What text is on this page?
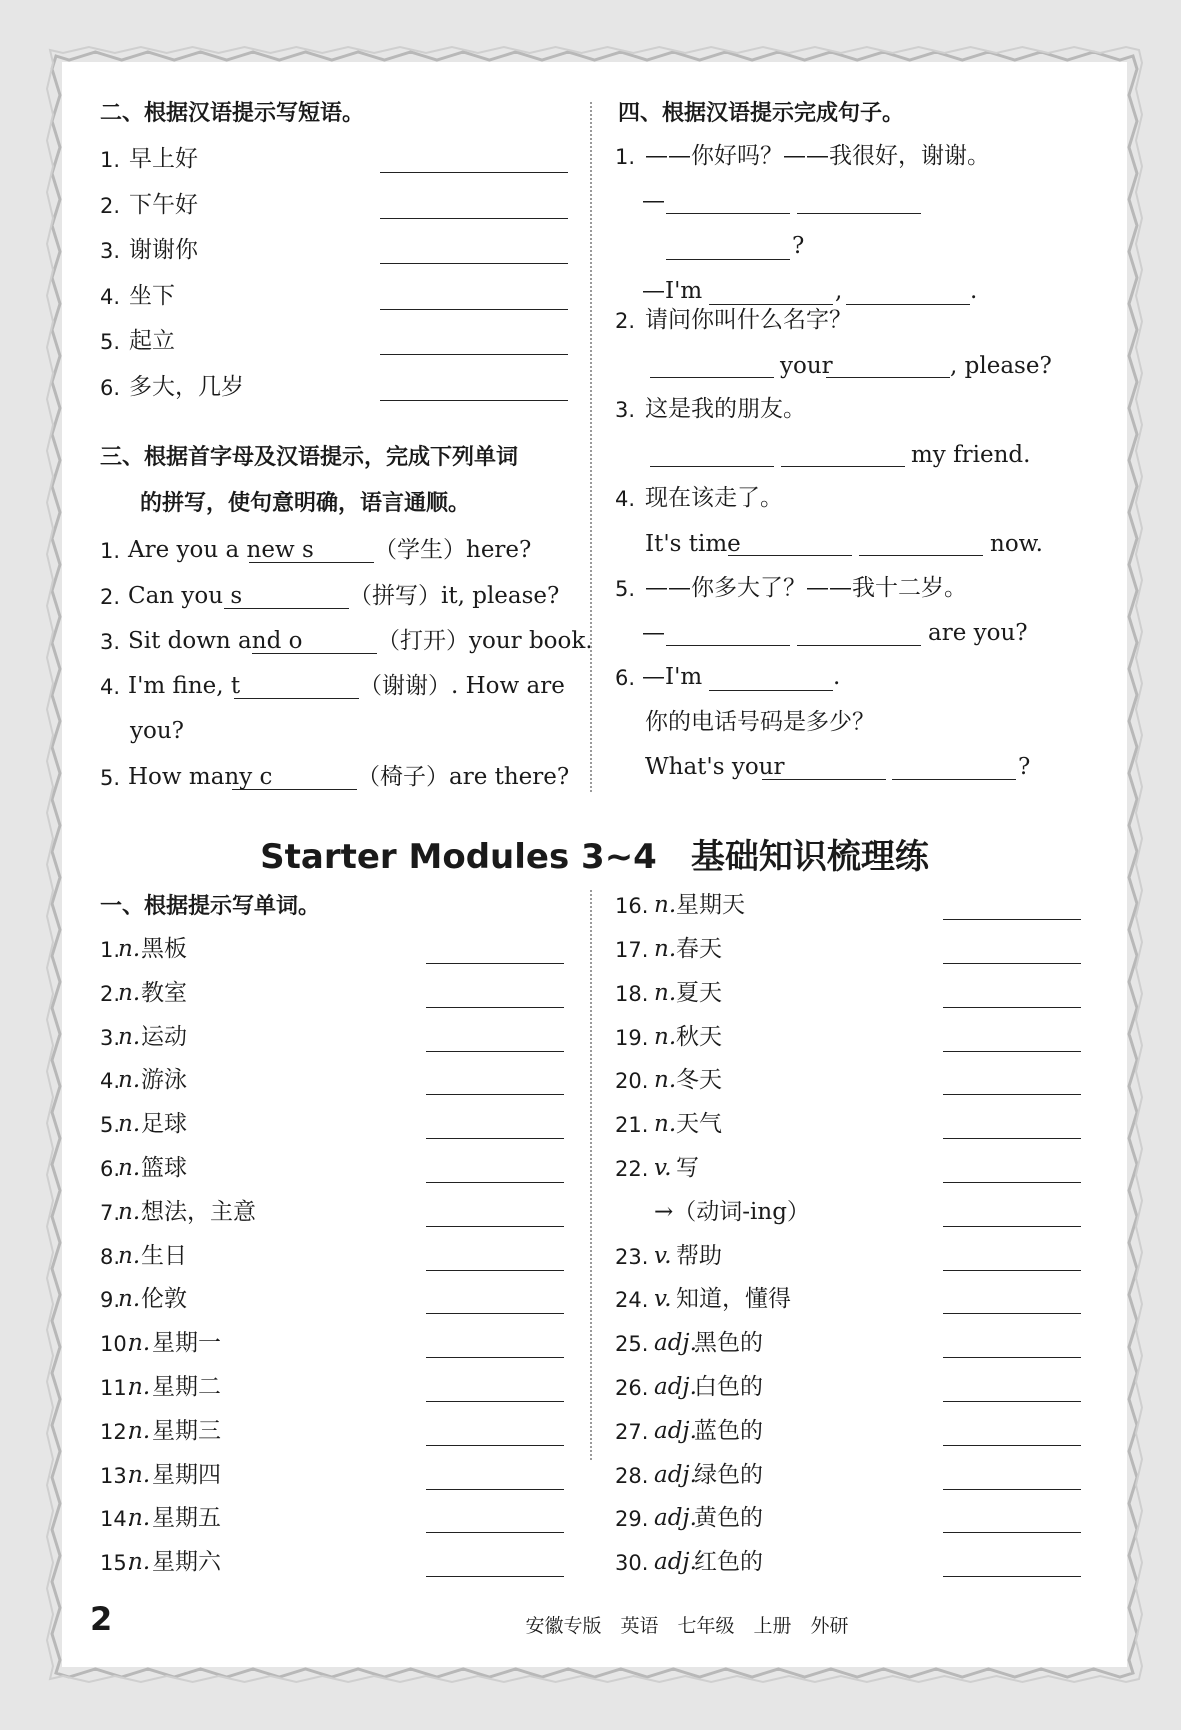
二、根据汉语提示写短语。
1. 早上好
2. 下午好
3. 谢谢你
4. 坐下
5. 起立
6. 多大，几岁
三、根据首字母及汉语提示，完成下列单词
的拼写，使句意明确，语言通顺。
1. Are you a new s	（学生） here?
2. Can you s	（拼写） it, please?
3. Sit down and o	（打开） your book.
4. I'm fine, t	（谢谢） . How are
you?
5. How many c	（椅子） are there?
四、根据汉语提示完成句子。
1. ——你好吗？——我很好，谢谢。
—
?
—I'm	,	.
2. 请问你叫什么名字？
your	, please?
3. 这是我的朋友。
my friend.
4. 现在该走了。
It's time	now.
5. ——你多大了？——我十二岁。
—	are you?
—I'm	.
6.
你的电话号码是多少？
What's your	?
Starter Modules 3~4　基础知识梳理练
一、根据提示写单词。
1.
n. 黑板
2.
n. 教室
3.
n. 运动
4.
n. 游泳
5.
n. 足球
6.
n. 篮球
7.
n. 想法，主意
8.
n. 生日
9.
n. 伦敦
10.
n. 星期一
11.
n. 星期二
12.
n. 星期三
13.
n. 星期四
14.
n. 星期五
15.
n. 星期六
16. n. 星期天
17. n. 春天
18. n. 夏天
19. n. 秋天
20. n. 冬天
21. n. 天气
22. v. 写
→（动词-ing）
23. v. 帮助
24. v. 知道，懂得
25. adj.
黑色的
26. adj.
白色的
27. adj.
蓝色的
28. adj.
绿色的
29. adj.
黄色的
30. adj.
红色的
2	安徽专版　英语　七年级　上册　外研
